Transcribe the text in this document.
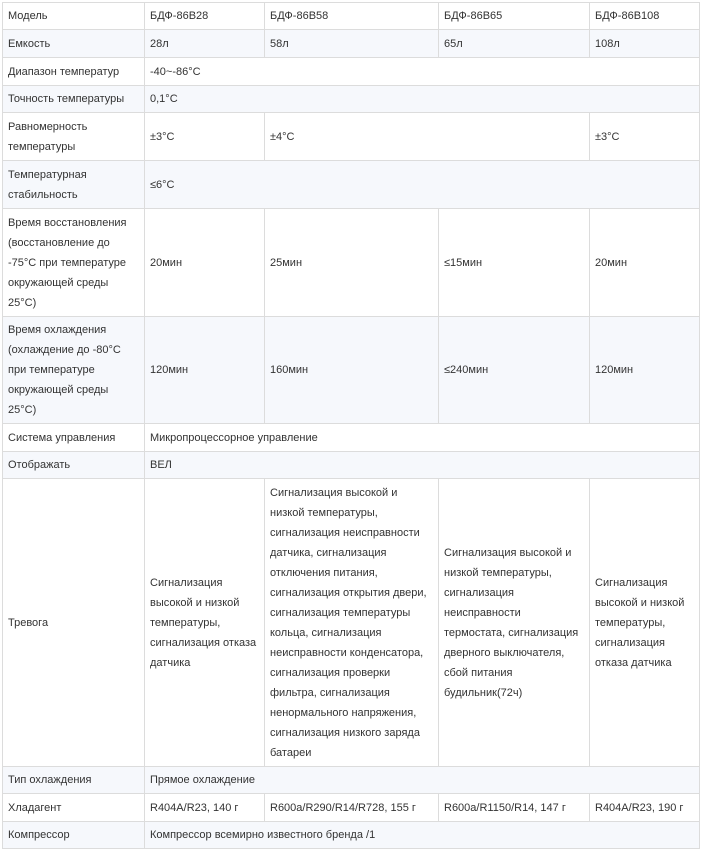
Модель	БДФ-86В28	БДФ-86В58	БДФ-86В65	БДФ-86В108
Емкость	28л	58л	65л	108л
Диапазон температур	-40~-86°C			
Точность температуры	0,1°C			
Равномерность температуры	±3°C	±4°C		±3°C
Температурная стабильность	≤6°C			
Время восстановления (восстановление до -75°C при температуре окружающей среды 25°C)	20мин	25мин	≤15мин	20мин
Время охлаждения (охлаждение до -80°C при температуре окружающей среды 25°C)	120мин	160мин	≤240мин	120мин
Система управления	Микропроцессорное управление			
Отображать	ВЕЛ			
Тревога	Сигнализация высокой и низкой температуры, сигнализация отказа датчика	Сигнализация высокой и низкой температуры, сигнализация неисправности датчика, сигнализация отключения питания, сигнализация открытия двери, сигнализация температуры кольца, сигнализация неисправности конденсатора, сигнализация проверки фильтра, сигнализация ненормального напряжения, сигнализация низкого заряда батареи	Сигнализация высокой и низкой температуры, сигнализация неисправности термостата, сигнализация дверного выключателя, сбой питания будильник(72ч)	Сигнализация высокой и низкой температуры, сигнализация отказа датчика
Тип охлаждения	Прямое охлаждение			
Хладагент	R404A/R23, 140 г	R600a/R290/R14/R728, 155 г	R600a/R1150/R14, 147 г	R404A/R23, 190 г
Компрессор	Компрессор всемирно известного бренда /1			
